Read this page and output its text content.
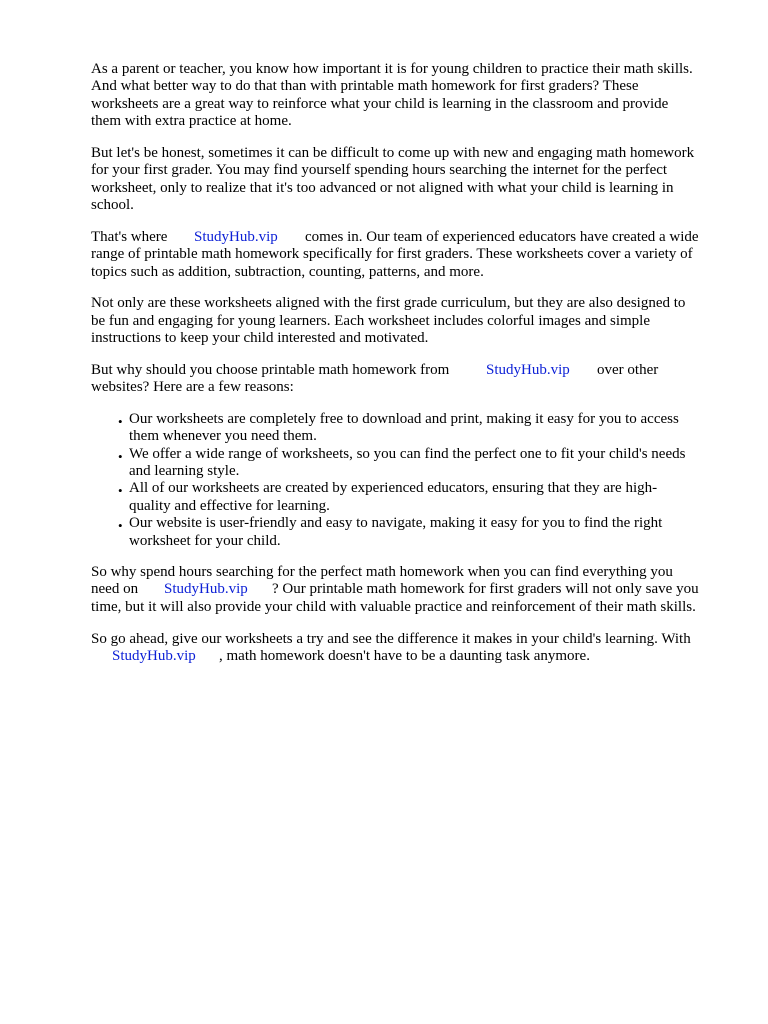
As a parent or teacher, you know how important it is for young children to practice their math skills.
And what better way to do that than with printable math homework for first graders? These
worksheets are a great way to reinforce what your child is learning in the classroom and provide
them with extra practice at home.
But let's be honest, sometimes it can be difficult to come up with new and engaging math homework
for your first grader. You may find yourself spending hours searching the internet for the perfect
worksheet, only to realize that it's too advanced or not aligned with what your child is learning in
school.
That's where StudyHub.vip comes in. Our team of experienced educators have created a wide
range of printable math homework specifically for first graders. These worksheets cover a variety of
topics such as addition, subtraction, counting, patterns, and more.
Not only are these worksheets aligned with the first grade curriculum, but they are also designed to
be fun and engaging for young learners. Each worksheet includes colorful images and simple
instructions to keep your child interested and motivated.
But why should you choose printable math homework from StudyHub.vip over other
websites? Here are a few reasons:
• Our worksheets are completely free to download and print, making it easy for you to access
them whenever you need them.
• We offer a wide range of worksheets, so you can find the perfect one to fit your child's needs
and learning style.
• All of our worksheets are created by experienced educators, ensuring that they are high-
quality and effective for learning.
• Our website is user-friendly and easy to navigate, making it easy for you to find the right
worksheet for your child.
So why spend hours searching for the perfect math homework when you can find everything you
need on StudyHub.vip ? Our printable math homework for first graders will not only save you
time, but it will also provide your child with valuable practice and reinforcement of their math skills.
So go ahead, give our worksheets a try and see the difference it makes in your child's learning. With
StudyHub.vip , math homework doesn't have to be a daunting task anymore.
